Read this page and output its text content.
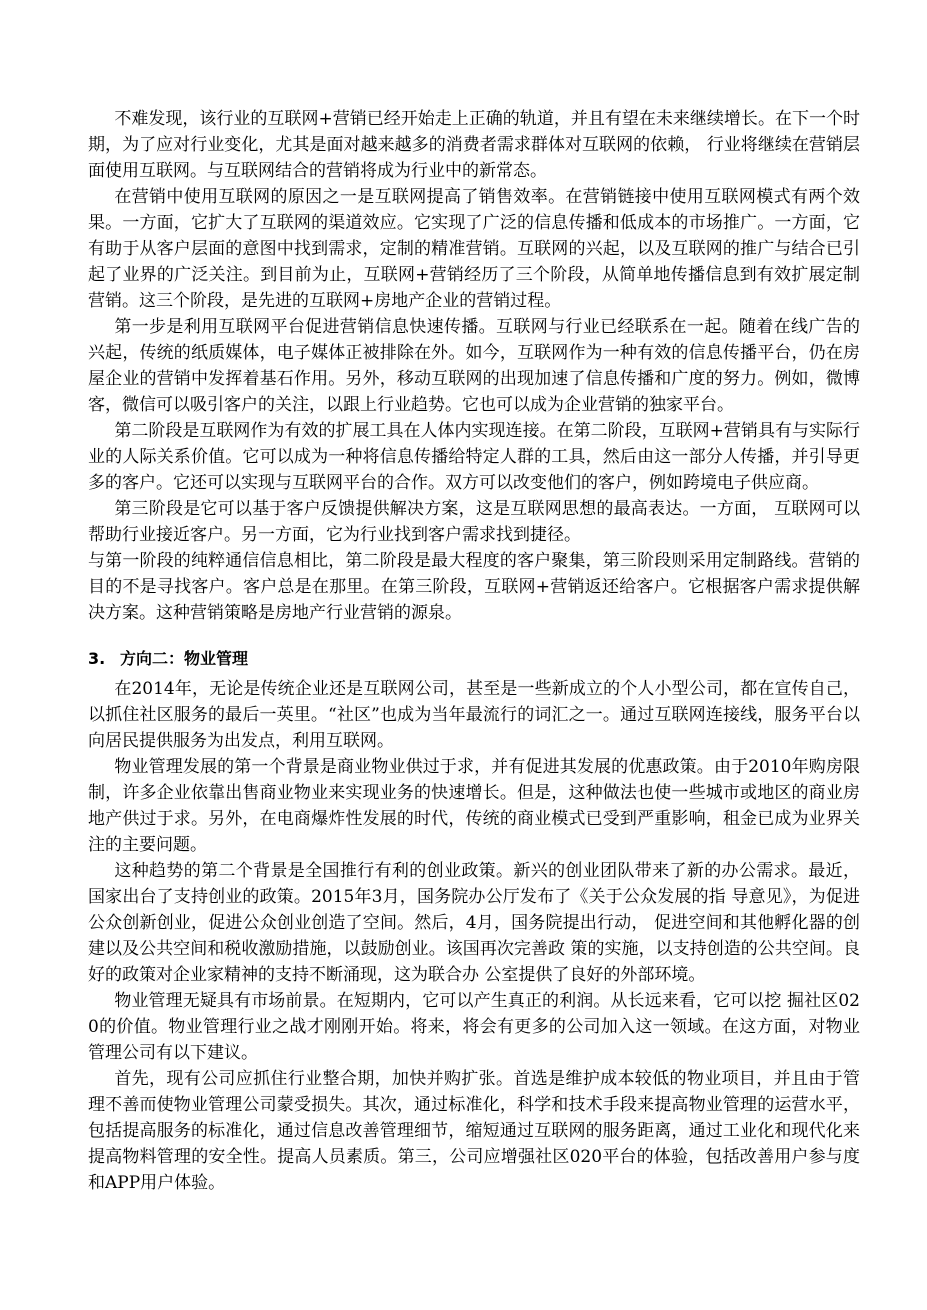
不难发现，该行业的互联网+营销已经开始走上正确的轨道，并且有望在未来继续增长。在下一个时期，为了应对行业变化，尤其是面对越来越多的消费者需求群体对互联网的依赖， 行业将继续在营销层面使用互联网。与互联网结合的营销将成为行业中的新常态。

在营销中使用互联网的原因之一是互联网提高了销售效率。在营销链接中使用互联网模式有两个效果。一方面，它扩大了互联网的渠道效应。它实现了广泛的信息传播和低成本的市场推广。一方面，它有助于从客户层面的意图中找到需求，定制的精准营销。互联网的兴起，以及互联网的推广与结合已引起了业界的广泛关注。到目前为止，互联网+营销经历了三个阶段，从简单地传播信息到有效扩展定制营销。这三个阶段，是先进的互联网+房地产企业的营销过程。

第一步是利用互联网平台促进营销信息快速传播。互联网与行业已经联系在一起。随着在线广告的兴起，传统的纸质媒体，电子媒体正被排除在外。如今，互联网作为一种有效的信息传播平台，仍在房屋企业的营销中发挥着基石作用。另外，移动互联网的出现加速了信息传播和广度的努力。例如，微博客，微信可以吸引客户的关注，以跟上行业趋势。它也可以成为企业营销的独家平台。

第二阶段是互联网作为有效的扩展工具在人体内实现连接。在第二阶段，互联网+营销具有与实际行业的人际关系价值。它可以成为一种将信息传播给特定人群的工具，然后由这一部分人传播，并引导更多的客户。它还可以实现与互联网平台的合作。双方可以改变他们的客户，例如跨境电子供应商。

第三阶段是它可以基于客户反馈提供解决方案，这是互联网思想的最高表达。一方面， 互联网可以帮助行业接近客户。另一方面，它为行业找到客户需求找到捷径。

与第一阶段的纯粹通信信息相比，第二阶段是最大程度的客户聚集，第三阶段则采用定制路线。营销的目的不是寻找客户。客户总是在那里。在第三阶段，互联网+营销返还给客户。它根据客户需求提供解决方案。这种营销策略是房地产行业营销的源泉。

3. 方向二：物业管理

在2014年，无论是传统企业还是互联网公司，甚至是一些新成立的个人小型公司，都在宣传自己，以抓住社区服务的最后一英里。“社区”也成为当年最流行的词汇之一。通过互联网连接线，服务平台以向居民提供服务为出发点，利用互联网。

物业管理发展的第一个背景是商业物业供过于求，并有促进其发展的优惠政策。由于2010年购房限制，许多企业依靠出售商业物业来实现业务的快速增长。但是，这种做法也使一些城市或地区的商业房地产供过于求。另外，在电商爆炸性发展的时代，传统的商业模式已受到严重影响，租金已成为业界关注的主要问题。

这种趋势的第二个背景是全国推行有利的创业政策。新兴的创业团队带来了新的办公需求。最近，国家出台了支持创业的政策。2015年3月，国务院办公厅发布了《关于公众发展的指 导意见》，为促进公众创新创业，促进公众创业创造了空间。然后，4月，国务院提出行动， 促进空间和其他孵化器的创建以及公共空间和税收激励措施，以鼓励创业。该国再次完善政 策的实施，以支持创造的公共空间。良好的政策对企业家精神的支持不断涌现，这为联合办 公室提供了良好的外部环境。

物业管理无疑具有市场前景。在短期内，它可以产生真正的利润。从长远来看，它可以挖 掘社区020的价值。物业管理行业之战才刚刚开始。将来，将会有更多的公司加入这一领域。在这方面，对物业管理公司有以下建议。

首先，现有公司应抓住行业整合期，加快并购扩张。首选是维护成本较低的物业项目，并且由于管理不善而使物业管理公司蒙受损失。其次，通过标准化，科学和技术手段来提高物业管理的运营水平，包括提高服务的标准化，通过信息改善管理细节，缩短通过互联网的服务距离，通过工业化和现代化来提高物料管理的安全性。提高人员素质。第三，公司应增强社区020平台的体验，包括改善用户参与度和APP用户体验。
